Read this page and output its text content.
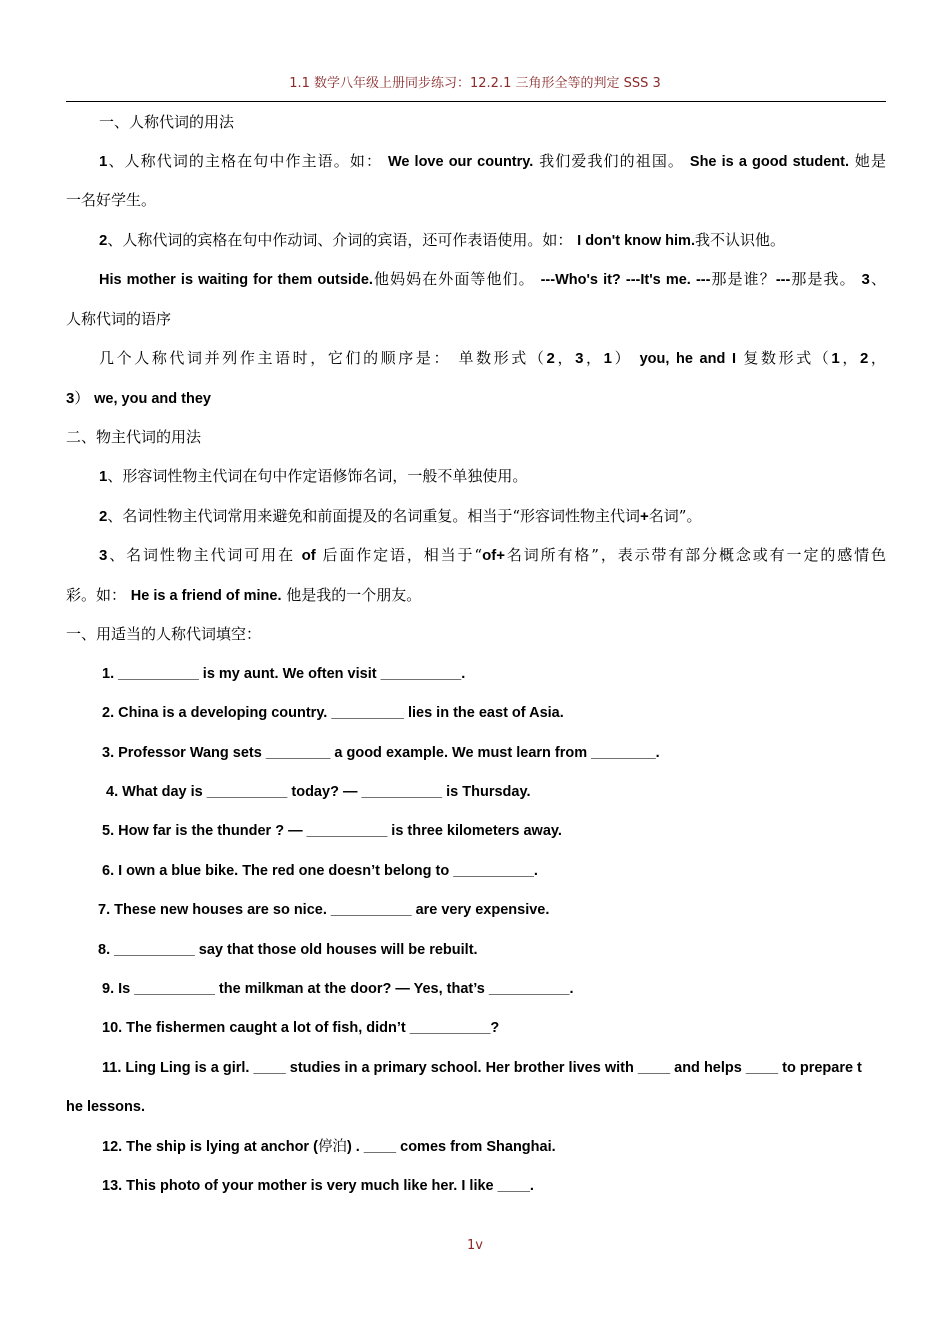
1.1 数学八年级上册同步练习：12.2.1 三角形全等的判定 SSS 3
一、人称代词的用法
1、人称代词的主格在句中作主语。如： We love our country. 我们爱我们的祖国。 She is a good student. 她是
一名好学生。
2、人称代词的宾格在句中作动词、介词的宾语，还可作表语使用。如： I don't know him.我不认识他。
His mother is waiting for them outside.他妈妈在外面等他们。 ---Who's it? ---It's me. ---那是谁？---那是我。 3、
人称代词的语序
几个人称代词并列作主语时，它们的顺序是： 单数形式（2，3，1） you, he and I 复数形式（1，2，
3） we, you and they
二、物主代词的用法
1、形容词性物主代词在句中作定语修饰名词，一般不单独使用。
2、名词性物主代词常用来避免和前面提及的名词重复。相当于“形容词性物主代词+名词”。
3、名词性物主代词可用在 of 后面作定语，相当于“of+名词所有格”，表示带有部分概念或有一定的感情色
彩。如： He is a friend of mine. 他是我的一个朋友。
一、用适当的人称代词填空：
1. __________ is my aunt. We often visit __________.
2. China is a developing country. _________ lies in the east of Asia.
3. Professor Wang sets ________ a good example. We must learn from ________.
4. What day is __________ today? — __________ is Thursday.
5. How far is the thunder ? — __________ is three kilometers away.
6. I own a blue bike. The red one doesn’t belong to __________.
7. These new houses are so nice. __________ are very expensive.
8. __________ say that those old houses will be rebuilt.
9. Is __________ the milkman at the door? — Yes, that’s __________.
10. The fishermen caught a lot of fish, didn’t __________?
11. Ling Ling is a girl. ____ studies in a primary school. Her brother lives with ____ and helps ____ to prepare t
he lessons.
12. The ship is lying at anchor (停泊) . ____ comes from Shanghai.
13. This photo of your mother is very much like her. I like ____.
1v
